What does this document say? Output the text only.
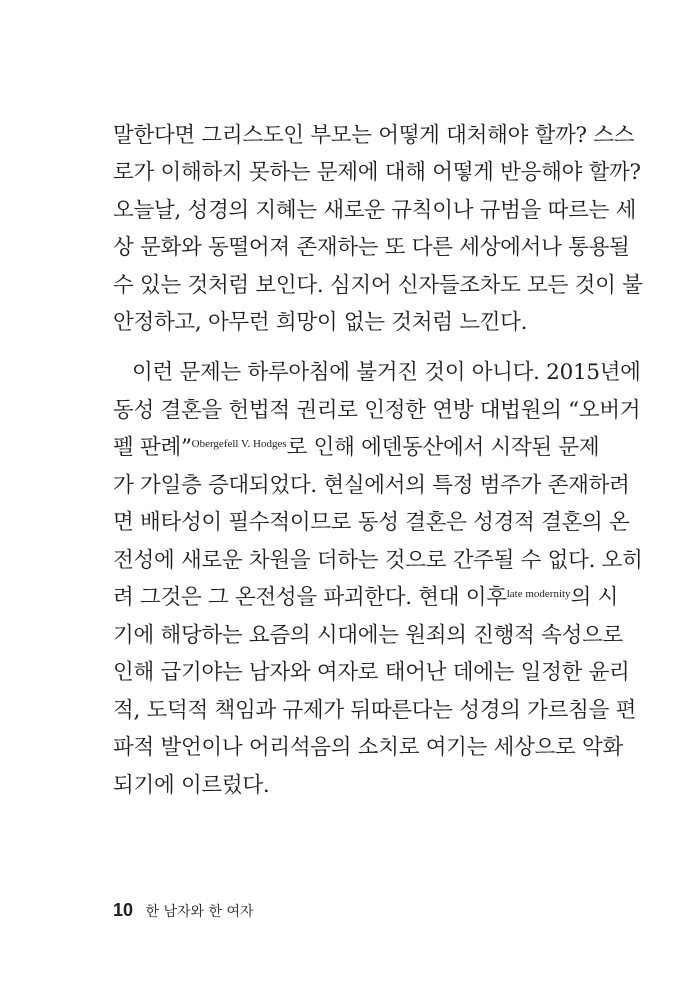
말한다면 그리스도인 부모는 어떻게 대처해야 할까? 스스
로가 이해하지 못하는 문제에 대해 어떻게 반응해야 할까?
오늘날, 성경의 지혜는 새로운 규칙이나 규범을 따르는 세
상 문화와 동떨어져 존재하는 또 다른 세상에서나 통용될
수 있는 것처럼 보인다. 심지어 신자들조차도 모든 것이 불
안정하고, 아무런 희망이 없는 것처럼 느낀다.
이런 문제는 하루아침에 불거진 것이 아니다. 2015년에
동성 결혼을 헌법적 권리로 인정한 연방 대법원의 “오버거
펠 판례”$^{Obergefell V. Hodges}$로 인해 에덴동산에서 시작된 문제
가 가일층 증대되었다. 현실에서의 특정 범주가 존재하려
면 배타성이 필수적이므로 동성 결혼은 성경적 결혼의 온
전성에 새로운 차원을 더하는 것으로 간주될 수 없다. 오히
려 그것은 그 온전성을 파괴한다. 현대 이후$^{late modernity}$의 시
기에 해당하는 요즘의 시대에는 원죄의 진행적 속성으로
인해 급기야는 남자와 여자로 태어난 데에는 일정한 윤리
적, 도덕적 책임과 규제가 뒤따른다는 성경의 가르침을 편
파적 발언이나 어리석음의 소치로 여기는 세상으로 악화
되기에 이르렀다.
10 한 남자와 한 여자
